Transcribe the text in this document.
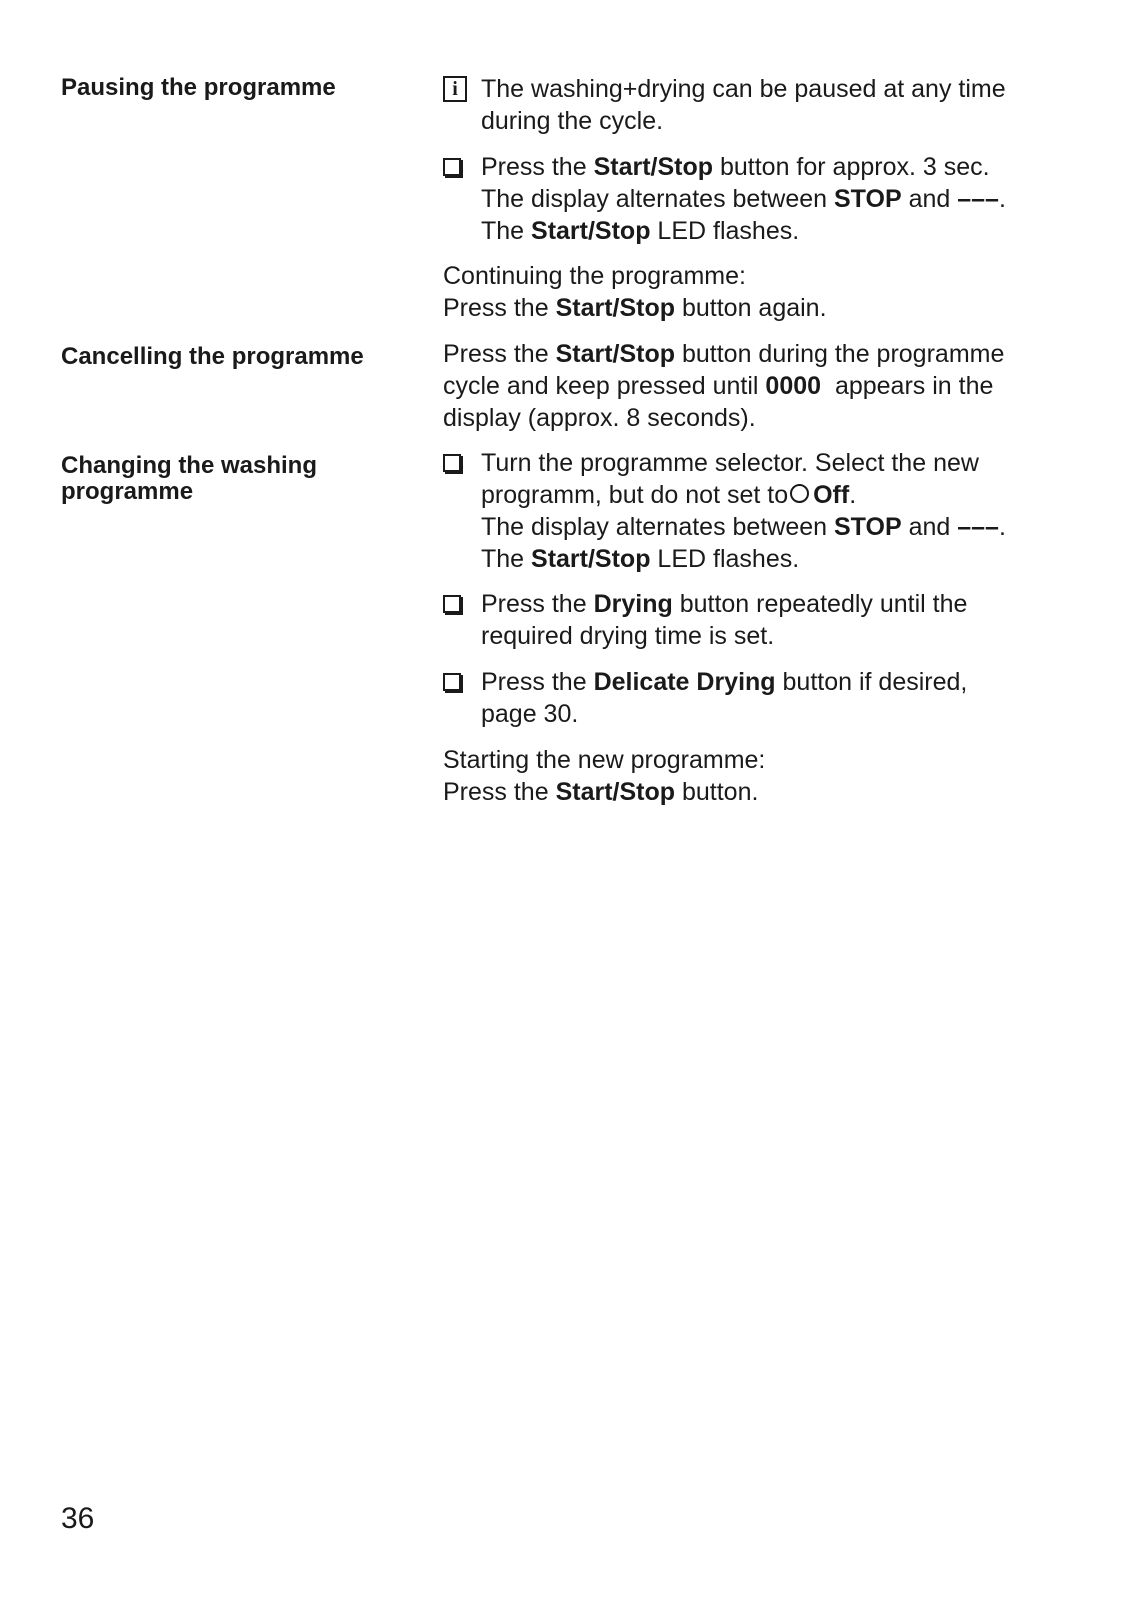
Pausing the programme
Cancelling the programme
Changing the washing
programme
i The washing+drying can be paused at any time
during the cycle.
Press the Start/Stop button for approx. 3 sec.
The display alternates between STOP and –––.
The Start/Stop LED flashes.
Continuing the programme:
Press the Start/Stop button again.
Press the Start/Stop button during the programme
cycle and keep pressed until 0000  appears in the
display (approx. 8 seconds).
Turn the programme selector. Select the new
programm, but do not set to Off.
The display alternates between STOP and –––.
The Start/Stop LED flashes.
Press the Drying button repeatedly until the
required drying time is set.
Press the Delicate Drying button if desired,
page 30.
Starting the new programme:
Press the Start/Stop button.
36
